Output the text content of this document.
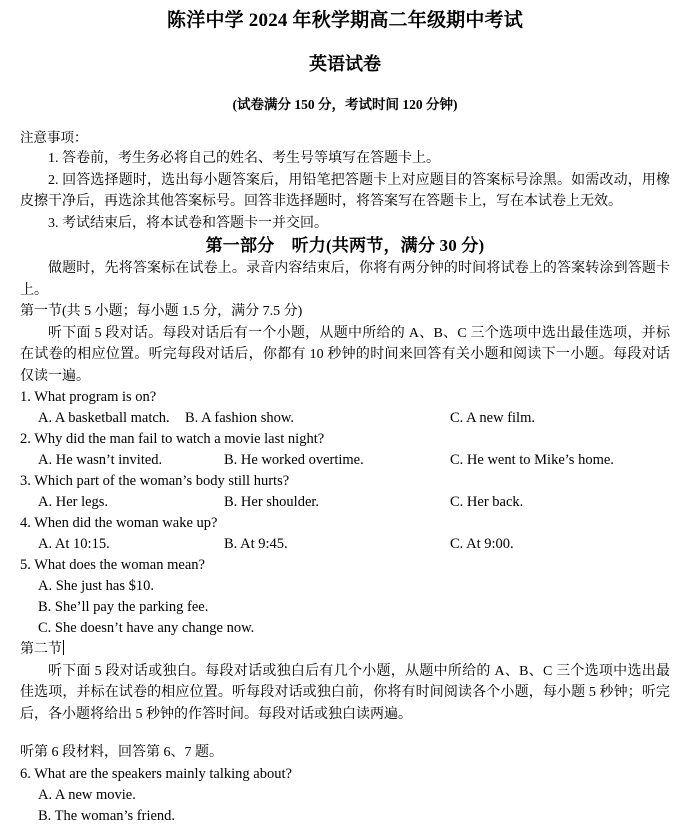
陈洋中学 2024 年秋学期高二年级期中考试
英语试卷
(试卷满分 150 分，考试时间 120 分钟)
注意事项：
1. 答卷前，考生务必将自己的姓名、考生号等填写在答题卡上。
2. 回答选择题时，选出每小题答案后，用铅笔把答题卡上对应题目的答案标号涂黑。如需改动，用橡皮擦干净后，再选涂其他答案标号。回答非选择题时，将答案写在答题卡上，写在本试卷上无效。
3. 考试结束后，将本试卷和答题卡一并交回。
第一部分　听力(共两节，满分 30 分)
做题时，先将答案标在试卷上。录音内容结束后，你将有两分钟的时间将试卷上的答案转涂到答题卡上。
第一节(共 5 小题；每小题 1.5 分，满分 7.5 分)
听下面 5 段对话。每段对话后有一个小题，从题中所给的 A、B、C 三个选项中选出最佳选项，并标在试卷的相应位置。听完每段对话后，你都有 10 秒钟的时间来回答有关小题和阅读下一小题。每段对话仅读一遍。
1. What program is on?
A. A basketball match. B. A fashion show.	C. A new film.
2. Why did the man fail to watch a movie last night?
A. He wasn’t invited.	B. He worked overtime.	C. He went to Mike’s home.
3. Which part of the woman’s body still hurts?
A. Her legs.	B. Her shoulder.	C. Her back.
4. When did the woman wake up?
A. At 10:15.	B. At 9:45.	C. At 9:00.
5. What does the woman mean?
A. She just has $10.
B. She’ll pay the parking fee.
C. She doesn’t have any change now.
第二节
听下面 5 段对话或独白。每段对话或独白后有几个小题，从题中所给的 A、B、C 三个选项中选出最佳选项，并标在试卷的相应位置。听每段对话或独白前，你将有时间阅读各个小题，每小题 5 秒钟；听完后，各小题将给出 5 秒钟的作答时间。每段对话或独白读两遍。
听第 6 段材料，回答第 6、7 题。
6. What are the speakers mainly talking about?
A. A new movie.
B. The woman’s friend.
